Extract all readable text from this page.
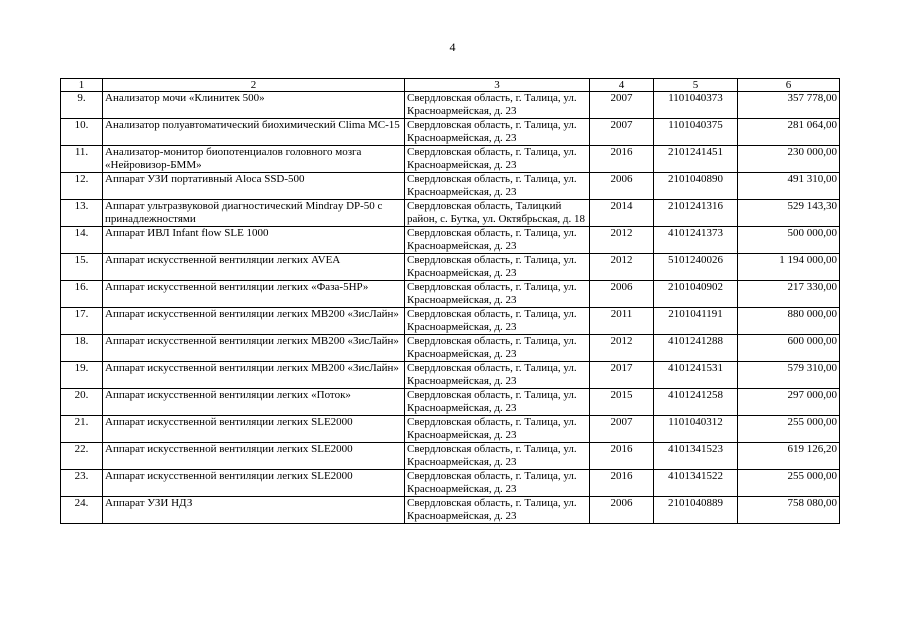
4
1	2	3	4	5	6
9.	Анализатор мочи «Клинитек 500»	Свердловская область, г. Талица, ул. Красноармейская, д. 23	2007	1101040373	357 778,00
10.	Анализатор полуавтоматический биохимический Clima MC-15	Свердловская область, г. Талица, ул. Красноармейская, д. 23	2007	1101040375	281 064,00
11.	Анализатор-монитор биопотенциалов головного мозга «Нейровизор-БММ»	Свердловская область, г. Талица, ул. Красноармейская, д. 23	2016	2101241451	230 000,00
12.	Аппарат УЗИ портативный Aloca SSD-500	Свердловская область, г. Талица, ул. Красноармейская, д. 23	2006	2101040890	491 310,00
13.	Аппарат ультразвуковой диагностический Mindray DP-50 с принадлежностями	Свердловская область, Талицкий район, с. Бутка, ул. Октябрьская, д. 18	2014	2101241316	529 143,30
14.	Аппарат ИВЛ Infant flow SLE 1000	Свердловская область, г. Талица, ул. Красноармейская, д. 23	2012	4101241373	500 000,00
15.	Аппарат искусственной вентиляции легких AVEA	Свердловская область, г. Талица, ул. Красноармейская, д. 23	2012	5101240026	1 194 000,00
16.	Аппарат искусственной вентиляции легких «Фаза-5НР»	Свердловская область, г. Талица, ул. Красноармейская, д. 23	2006	2101040902	217 330,00
17.	Аппарат искусственной вентиляции легких MB200 «ЗисЛайн»	Свердловская область, г. Талица, ул. Красноармейская, д. 23	2011	2101041191	880 000,00
18.	Аппарат искусственной вентиляции легких MB200 «ЗисЛайн»	Свердловская область, г. Талица, ул. Красноармейская, д. 23	2012	4101241288	600 000,00
19.	Аппарат искусственной вентиляции легких MB200 «ЗисЛайн»	Свердловская область, г. Талица, ул. Красноармейская, д. 23	2017	4101241531	579 310,00
20.	Аппарат искусственной вентиляции легких «Поток»	Свердловская область, г. Талица, ул. Красноармейская, д. 23	2015	4101241258	297 000,00
21.	Аппарат искусственной вентиляции легких SLE2000	Свердловская область, г. Талица, ул. Красноармейская, д. 23	2007	1101040312	255 000,00
22.	Аппарат искусственной вентиляции легких SLE2000	Свердловская область, г. Талица, ул. Красноармейская, д. 23	2016	4101341523	619 126,20
23.	Аппарат искусственной вентиляции легких SLE2000	Свердловская область, г. Талица, ул. Красноармейская, д. 23	2016	4101341522	255 000,00
24.	Аппарат УЗИ НДЗ	Свердловская область, г. Талица, ул. Красноармейская, д. 23	2006	2101040889	758 080,00
